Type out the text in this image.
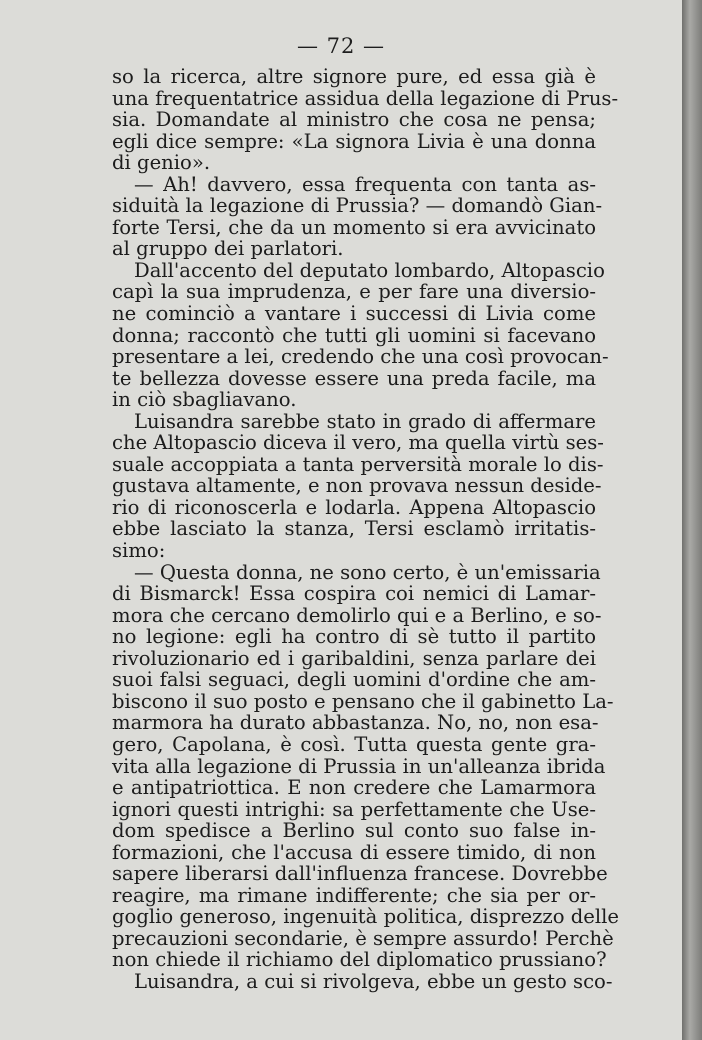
— 72 —
so la ricerca, altre signore pure, ed essa già è
una frequentatrice assidua della legazione di Prus-
sia. Domandate al ministro che cosa ne pensa;
egli dice sempre: «La signora Livia è una donna
di genio».
— Ah! davvero, essa frequenta con tanta as-
siduità la legazione di Prussia? — domandò Gian-
forte Tersi, che da un momento si era avvicinato
al gruppo dei parlatori.
Dall'accento del deputato lombardo, Altopascio
capì la sua imprudenza, e per fare una diversio-
ne cominciò a vantare i successi di Livia come
donna; raccontò che tutti gli uomini si facevano
presentare a lei, credendo che una così provocan-
te bellezza dovesse essere una preda facile, ma
in ciò sbagliavano.
Luisandra sarebbe stato in grado di affermare
che Altopascio diceva il vero, ma quella virtù ses-
suale accoppiata a tanta perversità morale lo dis-
gustava altamente, e non provava nessun deside-
rio di riconoscerla e lodarla. Appena Altopascio
ebbe lasciato la stanza, Tersi esclamò irritatis-
simo:
— Questa donna, ne sono certo, è un'emissaria
di Bismarck! Essa cospira coi nemici di Lamar-
mora che cercano demolirlo qui e a Berlino, e so-
no legione: egli ha contro di sè tutto il partito
rivoluzionario ed i garibaldini, senza parlare dei
suoi falsi seguaci, degli uomini d'ordine che am-
biscono il suo posto e pensano che il gabinetto La-
marmora ha durato abbastanza. No, no, non esa-
gero, Capolana, è così. Tutta questa gente gra-
vita alla legazione di Prussia in un'alleanza ibrida
e antipatriottica. E non credere che Lamarmora
ignori questi intrighi: sa perfettamente che Use-
dom spedisce a Berlino sul conto suo false in-
formazioni, che l'accusa di essere timido, di non
sapere liberarsi dall'influenza francese. Dovrebbe
reagire, ma rimane indifferente; che sia per or-
goglio generoso, ingenuità politica, disprezzo delle
precauzioni secondarie, è sempre assurdo! Perchè
non chiede il richiamo del diplomatico prussiano?
Luisandra, a cui si rivolgeva, ebbe un gesto sco-
